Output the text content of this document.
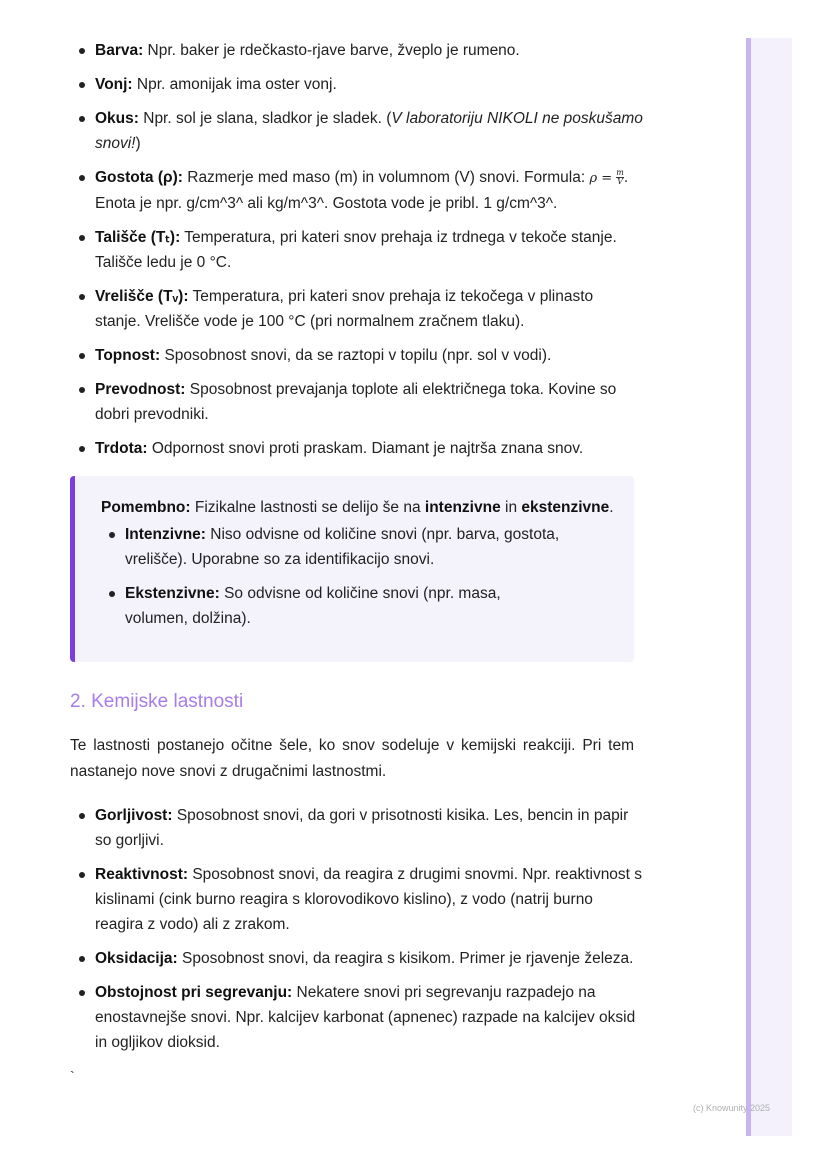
Barva: Npr. baker je rdečkasto-rjave barve, žveplo je rumeno.
Vonj: Npr. amonijak ima oster vonj.
Okus: Npr. sol je slana, sladkor je sladek. (V laboratoriju NIKOLI ne poskušamo snovi!)
Gostota (ρ): Razmerje med maso (m) in volumnom (V) snovi. Formula: $\rho = \frac{m}{V}$ . Enota je npr. g/cm^3^ ali kg/m^3^. Gostota vode je pribl. 1 g/cm^3^.
Tališče (Tₜ): Temperatura, pri kateri snov prehaja iz trdnega v tekoče stanje. Tališče ledu je 0 °C.
Vrelišče (Tᵥ): Temperatura, pri kateri snov prehaja iz tekočega v plinasto stanje. Vrelišče vode je 100 °C (pri normalnem zračnem tlaku).
Topnost: Sposobnost snovi, da se raztopi v topilu (npr. sol v vodi).
Prevodnost: Sposobnost prevajanja toplote ali električnega toka. Kovine so dobri prevodniki.
Trdota: Odpornost snovi proti praskam. Diamant je najtrša znana snov.
Pomembno: Fizikalne lastnosti se delijo še na intenzivne in ekstenzivne.
Intenzivne: Niso odvisne od količine snovi (npr. barva, gostota, vrelišče). Uporabne so za identifikacijo snovi.
Ekstenzivne: So odvisne od količine snovi (npr. masa, volumen, dolžina).
2. Kemijske lastnosti
Te lastnosti postanejo očitne šele, ko snov sodeluje v kemijski reakciji. Pri tem nastanejo nove snovi z drugačnimi lastnostmi.
Gorljivost: Sposobnost snovi, da gori v prisotnosti kisika. Les, bencin in papir so gorljivi.
Reaktivnost: Sposobnost snovi, da reagira z drugimi snovmi. Npr. reaktivnost s kislinami (cink burno reagira s klorovodikovo kislino), z vodo (natrij burno reagira z vodo) ali z zrakom.
Oksidacija: Sposobnost snovi, da reagira s kisikom. Primer je rjavenje železa.
Obstojnost pri segrevanju: Nekatere snovi pri segrevanju razpadejo na enostavnejše snovi. Npr. kalcijev karbonat (apnenec) razpade na kalcijev oksid in ogljikov dioksid.
`
(c) Knowunity 2025
